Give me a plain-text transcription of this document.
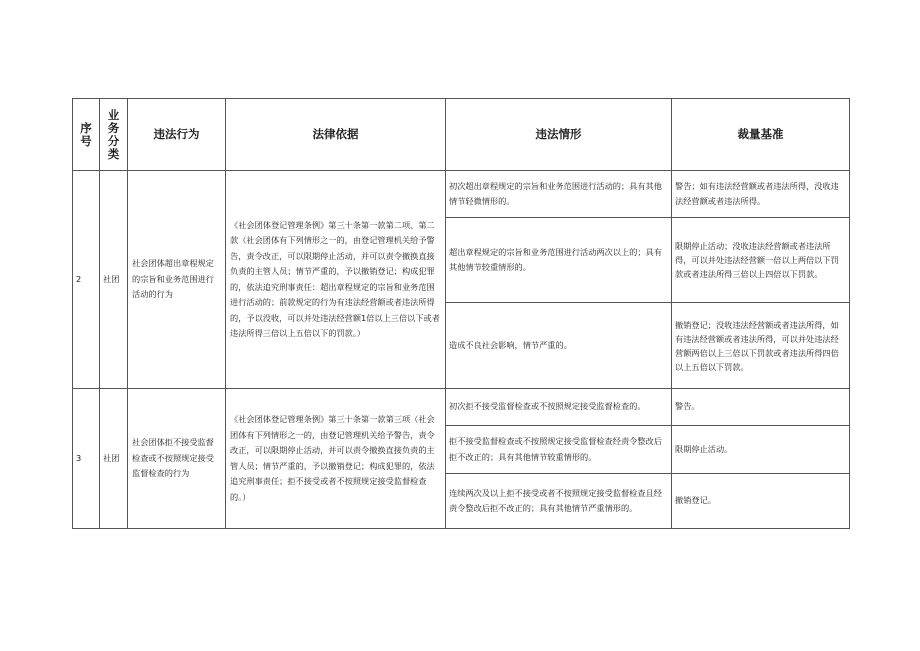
序号	业务分类	违法行为	法律依据	违法情形	裁量基准
2	社团	社会团体超出章程规定的宗旨和业务范围进行活动的行为	《社会团体登记管理条例》第三十条第一款第二项、第二款（社会团体有下列情形之一的，由登记管理机关给予警告，责令改正，可以限期停止活动，并可以责令撤换直接负责的主管人员；情节严重的，予以撤销登记；构成犯罪的，依法追究刑事责任：超出章程规定的宗旨和业务范围进行活动的；前款规定的行为有违法经营额或者违法所得的，予以没收，可以并处违法经营额1倍以上三倍以下或者违法所得三倍以上五倍以下的罚款。）	初次超出章程规定的宗旨和业务范围进行活动的；具有其他情节轻微情形的。	警告；如有违法经营额或者违法所得，没收违法经营额或者违法所得。
				超出章程规定的宗旨和业务范围进行活动两次以上的；具有其他情节较重情形的。	限期停止活动；没收违法经营额或者违法所得，可以并处违法经营额一倍以上两倍以下罚款或者违法所得三倍以上四倍以下罚款。
				造成不良社会影响，情节严重的。	撤销登记；没收违法经营额或者违法所得，如有违法经营额或者违法所得，可以并处违法经营额两倍以上三倍以下罚款或者违法所得四倍以上五倍以下罚款。
3	社团	社会团体拒不接受监督检查或不按照规定接受监督检查的行为	《社会团体登记管理条例》第三十条第一款第三项（社会团体有下列情形之一的，由登记管理机关给予警告，责令改正，可以限期停止活动，并可以责令撤换直接负责的主管人员；情节严重的，予以撤销登记；构成犯罪的，依法追究刑事责任；拒不接受或者不按照规定接受监督检查的。）	初次拒不接受监督检查或不按照规定接受监督检查的。	警告。
				拒不接受监督检查或不按照规定接受监督检查经责令整改后拒不改正的；具有其他情节较重情形的。	限期停止活动。
				连续两次及以上拒不接受或者不按照规定接受监督检查且经责令整改后拒不改正的；具有其他情节严重情形的。	撤销登记。
